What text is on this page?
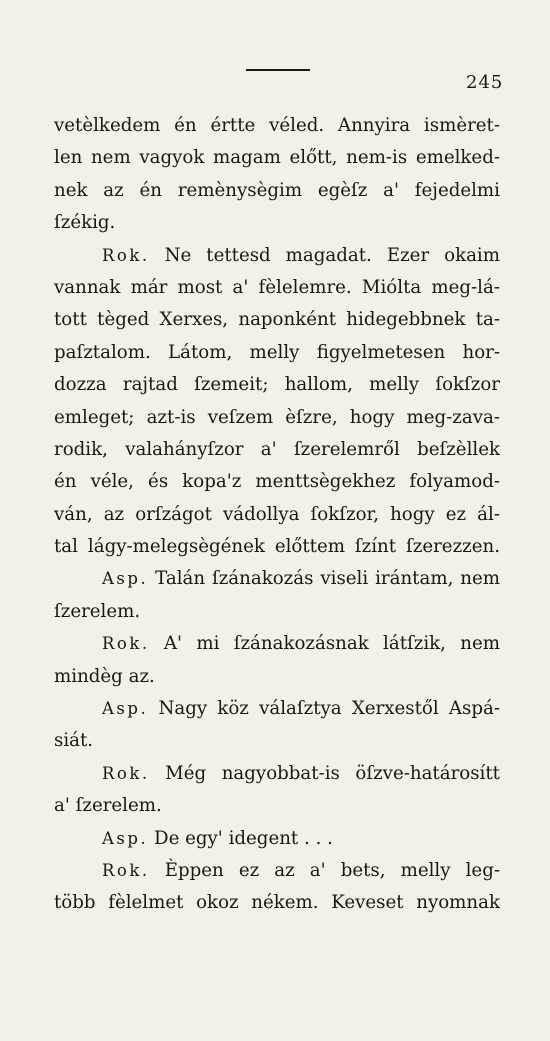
245
vetèlkedem én értte véled. Annyira ismèret-
len nem vagyok magam előtt, nem-is emelked-
nek az én remènysègim egèſz a' fejedelmi
ſzékig.
Rok. Ne tettesd magadat. Ezer okaim
vannak már most a' fèlelemre. Miólta meg-lá-
tott tèged Xerxes, naponként hidegebbnek ta-
paſztalom. Látom, melly figyelmetesen hor-
dozza rajtad ſzemeit; hallom, melly ſokſzor
emleget; azt-is veſzem èſzre, hogy meg-zava-
rodik, valahányſzor a' ſzerelemről beſzèllek
én véle, és kopa'z menttsègekhez folyamod-
ván, az orſzágot vádollya ſokſzor, hogy ez ál-
tal lágy-melegsègének előttem ſzínt ſzerezzen.
Asp. Talán ſzánakozás viseli irántam, nem
ſzerelem.
Rok. A' mi ſzánakozásnak látſzik, nem
mindèg az.
Asp. Nagy köz válaſztya Xerxestől Aspá-
siát.
Rok. Még nagyobbat-is öſzve-határosítt
a' ſzerelem.
Asp. De egy' idegent . . .
Rok. Èppen ez az a' bets, melly leg-
több fèlelmet okoz nékem. Keveset nyomnak
